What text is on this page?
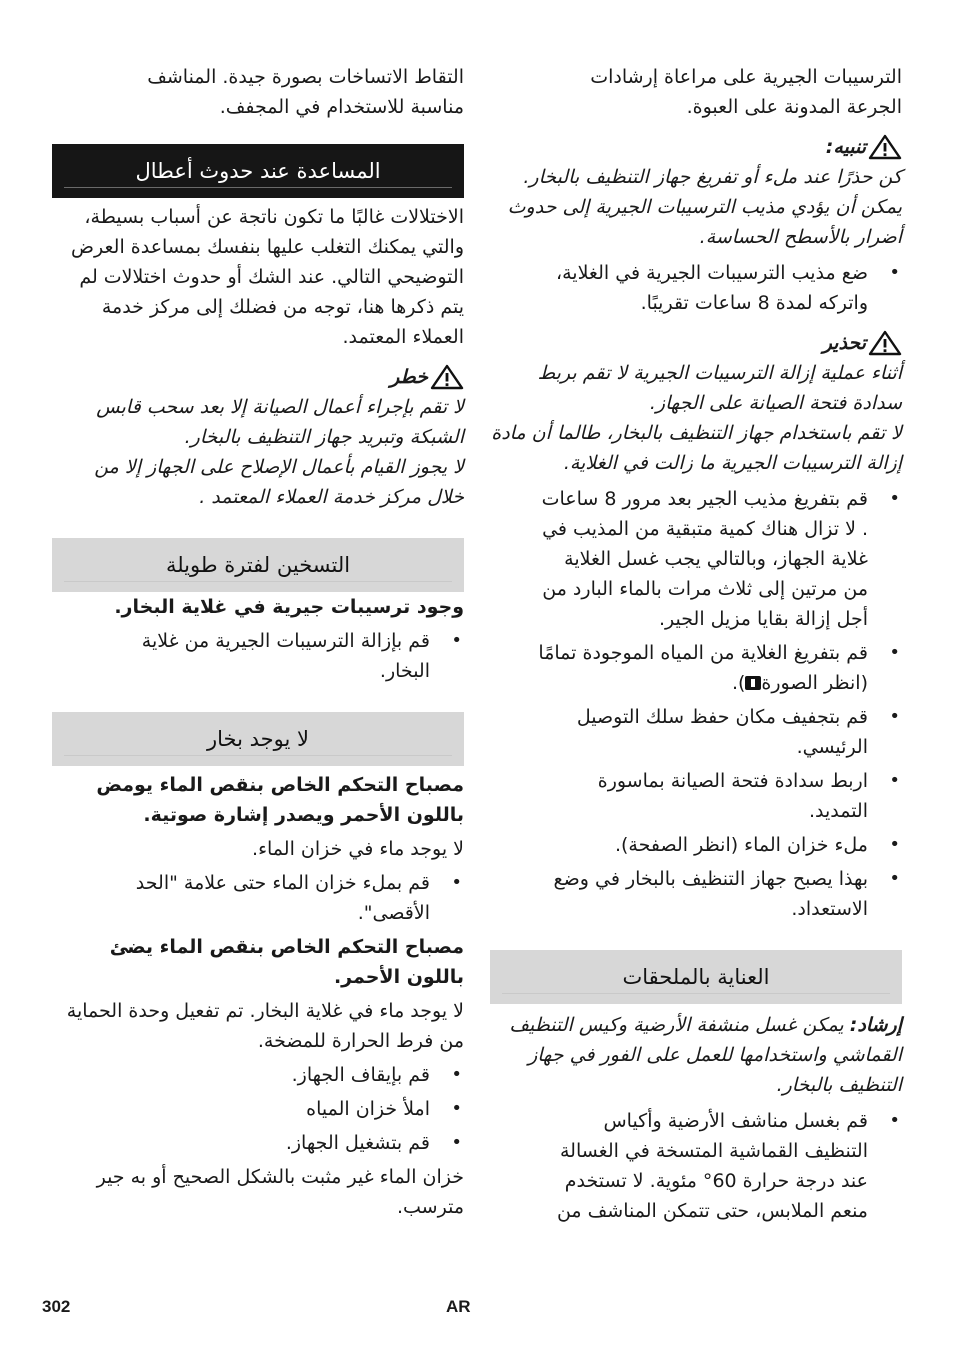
الترسيبات الجيرية على مراعاة إرشادات الجرعة المدونة على العبوة.

تنبيه:

كن حذرًا عند ملء أو تفريغ جهاز التنظيف بالبخار. يمكن أن يؤدي مذيب الترسيبات الجيرية إلى حدوث أضرار بالأسطح الحساسة.

• ضع مذيب الترسيبات الجيرية في الغلاية، واتركه لمدة 8 ساعات تقريبًا.
تحذير

أثناء عملية إزالة الترسيبات الجيرية لا تقم بربط سدادة فتحة الصيانة على الجهاز.

لا تقم باستخدام جهاز التنظيف بالبخار، طالما أن مادة إزالة الترسيبات الجيرية ما زالت في الغلاية.

• قم بتفريغ مذيب الجير بعد مرور 8 ساعات . لا تزال هناك كمية متبقية من المذيب في غلاية الجهاز، وبالتالي يجب غسل الغلاية من مرتين إلى ثلاث مرات بالماء البارد من أجل إزالة بقايا مزيل الجير.
• قم بتفريغ الغلاية من المياه الموجودة تمامًا (انظر الصورة).
• قم بتجفيف مكان حفظ سلك التوصيل الرئيسي.
• اربط سدادة فتحة الصيانة بماسورة التمديد.
• ملء خزان الماء (انظر الصفحة).
• بهذا يصبح جهاز التنظيف بالبخار في وضع الاستعداد.
العناية بالملحقات

إرشاد: يمكن غسل منشفة الأرضية وكيس التنظيف القماشي واستخدامها للعمل على الفور في جهاز التنظيف بالبخار.

• قم بغسل مناشف الأرضية وأكياس التنظيف القماشية المتسخة في الغسالة عند درجة حرارة 60° مئوية. لا تستخدم منعم الملابس، حتى تتمكن المناشف من

التقاط الاتساخات بصورة جيدة. المناشف مناسبة للاستخدام في المجفف.

المساعدة عند حدوث أعطال

الاختلالات غالبًا ما تكون ناتجة عن أسباب بسيطة، والتي يمكنك التغلب عليها بنفسك بمساعدة العرض التوضيحي التالي. عند الشك أو حدوث اختلالات لم يتم ذكرها هنا، توجه من فضلك إلى مركز خدمة العملاء المعتمد.

خطر

لا تقم بإجراء أعمال الصيانة إلا بعد سحب قابس الشبكة وتبريد جهاز التنظيف بالبخار.

لا يجوز القيام بأعمال الإصلاح على الجهاز إلا من خلال مركز خدمة العملاء المعتمد .

التسخين لفترة طويلة

وجود ترسيبات جيرية في غلاية البخار.

• قم بإزالة الترسيبات الجيرية من غلاية البخار.
لا يوجد بخار

مصباح التحكم الخاص بنقص الماء يومض باللون الأحمر ويصدر إشارة صوتية.

لا يوجد ماء في خزان الماء.

• قم بملء خزان الماء حتى علامة "الحد الأقصى".

مصباح التحكم الخاص بنقص الماء يضئ باللون الأحمر.

لا يوجد ماء في غلاية البخار. تم تفعيل وحدة الحماية من فرط الحرارة للمضخة.

• قم بإيقاف الجهاز.
• املأ خزان المياه
• قم بتشغيل الجهاز.

خزان الماء غير مثبت بالشكل الصحيح أو به جير مترسب.

302	AR
